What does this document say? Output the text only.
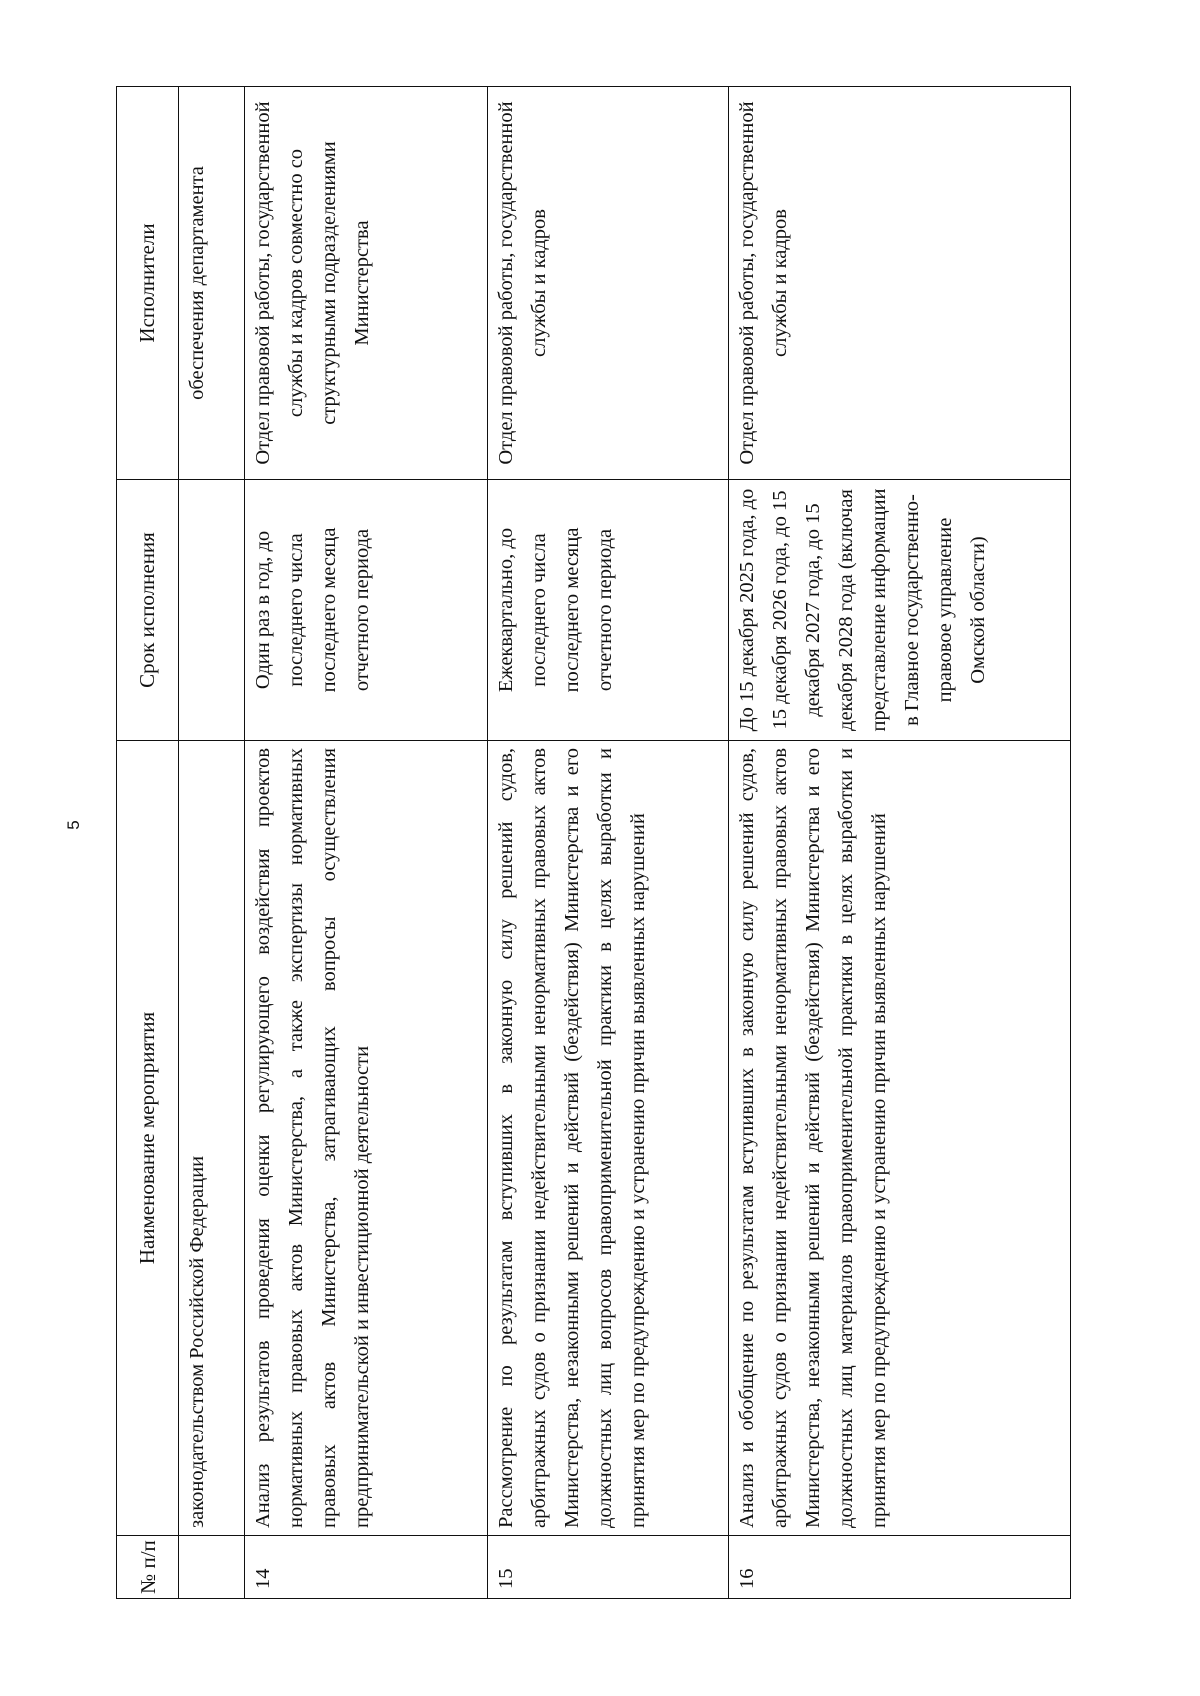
5
№ п/п	Наименование мероприятия	Срок исполнения	Исполнители
	законодательством Российской Федерации		обеспечения департамента
14	Анализ результатов проведения оценки регулирующего воздействия проектов нормативных правовых актов Министерства, а также экспертизы нормативных правовых актов Министерства, затрагивающих вопросы осуществления предпринимательской и инвестиционной деятельности	Один раз в год, до последнего числа последнего месяца отчетного периода	Отдел правовой работы, государственной службы и кадров совместно со структурными подразделениями Министерства
15	Рассмотрение по результатам вступивших в законную силу решений судов, арбитражных судов о признании недействительными ненормативных правовых актов Министерства, незаконными решений и действий (бездействия) Министерства и его должностных лиц вопросов правоприменительной практики в целях выработки и принятия мер по предупреждению и устранению причин выявленных нарушений	Ежеквартально, до последнего числа последнего месяца отчетного периода	Отдел правовой работы, государственной службы и кадров
16	Анализ и обобщение по результатам вступивших в законную силу решений судов, арбитражных судов о признании недействительными ненормативных правовых актов Министерства, незаконными решений и действий (бездействия) Министерства и его должностных лиц материалов правоприменительной практики в целях выработки и принятия мер по предупреждению и устранению причин выявленных нарушений	До 15 декабря 2025 года, до 15 декабря 2026 года, до 15 декабря 2027 года, до 15 декабря 2028 года (включая представление информации в Главное государственно-правовое управление Омской области)	Отдел правовой работы, государственной службы и кадров
